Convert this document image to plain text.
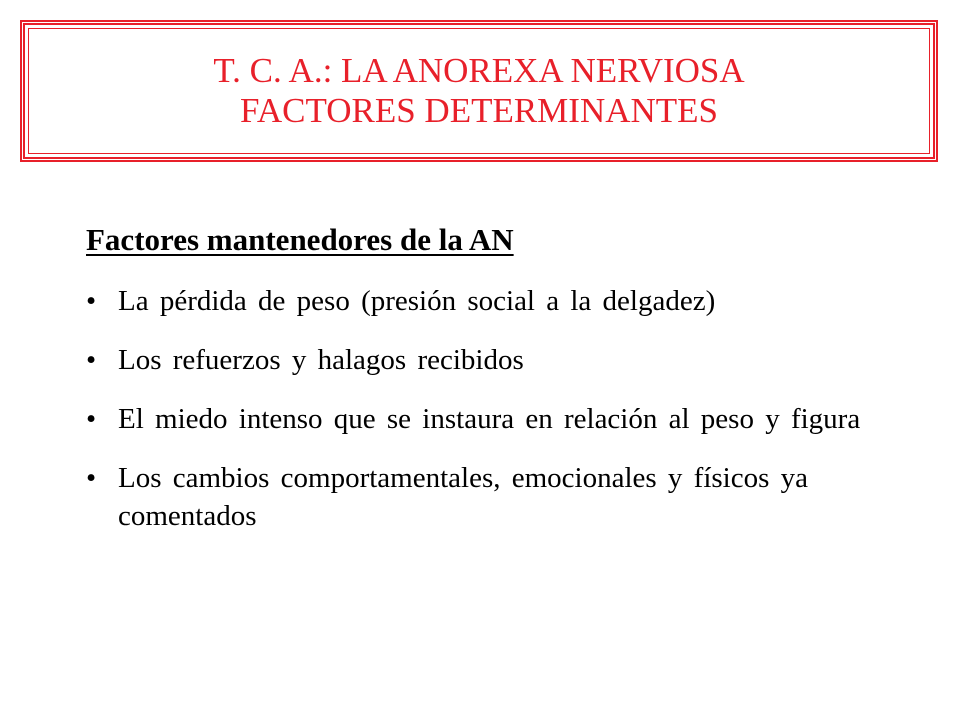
T. C. A.: LA ANOREXA NERVIOSA
FACTORES DETERMINANTES
Factores mantenedores de la AN
• La pérdida de peso (presión social a la delgadez)
• Los refuerzos y halagos recibidos
• El miedo intenso que se instaura en relación al peso y figura
• Los cambios comportamentales, emocionales y físicos ya comentados
